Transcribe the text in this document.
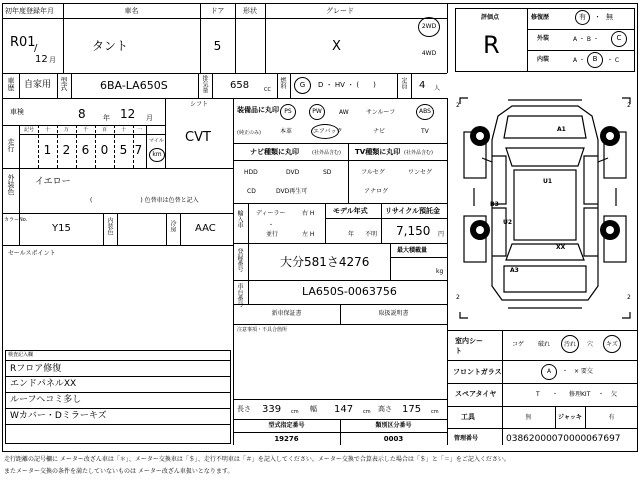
初年度登録年月
R01
/
12 月
車名
タント
ドア
5
形状	グレード
X
2WD
4WD
車歴 自家用 型式	6BA-LA650S	排気量 658	CC
燃料	G	D ・ HV ・ (　　)	定員 4 人
車検	8 年 12 月
シフト
CVT
走行
記号	十	万	千	百	十	一
1 2 6 0 5 7
マイル
km
外装色 イエロー
(　　　　　　　　) 色替車は色替と記入
カラーNo.
Y15	内装色	冷房 AAC
セールスポイント
検査記入欄
Rフロア修復
エンドパネルXX
ルーフヘコミ多し
Wカバー・Dミラーキズ
装備品に丸印
(純正のみ)
PS	PW	AW	サンルーフ	ABS
本革	エアバック	ナビ	TV
ナビ種類に丸印	(社外品含む)
HDD	DVD	SD
CD	DVD再生可
TV種類に丸印 (社外品含む)
フルセグ	ワンセグ
アナログ
輸入車 ディーラー
・
並行
右 H
左 H
モデル年式
年 不明
リサイクル預託金
7,150 円
登録番号	大分581さ4276
最大積載量
kg
車台番号	LA650S-0063756
新車保証書	取扱説明書
注意事項・不具合箇所
長さ 339 cm 幅 147 cm 高さ 175 cm
型式指定番号
19276
類別区分番号
0003
評価点
R
修復歴	有	・ 無
外装	A ・ B ・	C
内装	A ・	B	・ C
2	2
2	2
A1
U1
B3
U2
XX
A3
室内シート
コゲ 破れ	汚れ	穴	キズ
フロントガラス	A	・　× 要交
スペアタイヤ	T ・ 修理KIT ・ 欠
工具	無	ジャッキ	有
管理番号	03862000070000067697
走行距離の記号欄に メーター改ざん車は「＊」、メーター交換車は「＄」、走行不明車は「＃」を記入してください。メーター交換で合算表示した場合は「＄」と「＝」をご記入ください。
またメーター交換の条件を満たしていないものは メーター改ざん車扱いとなります。
